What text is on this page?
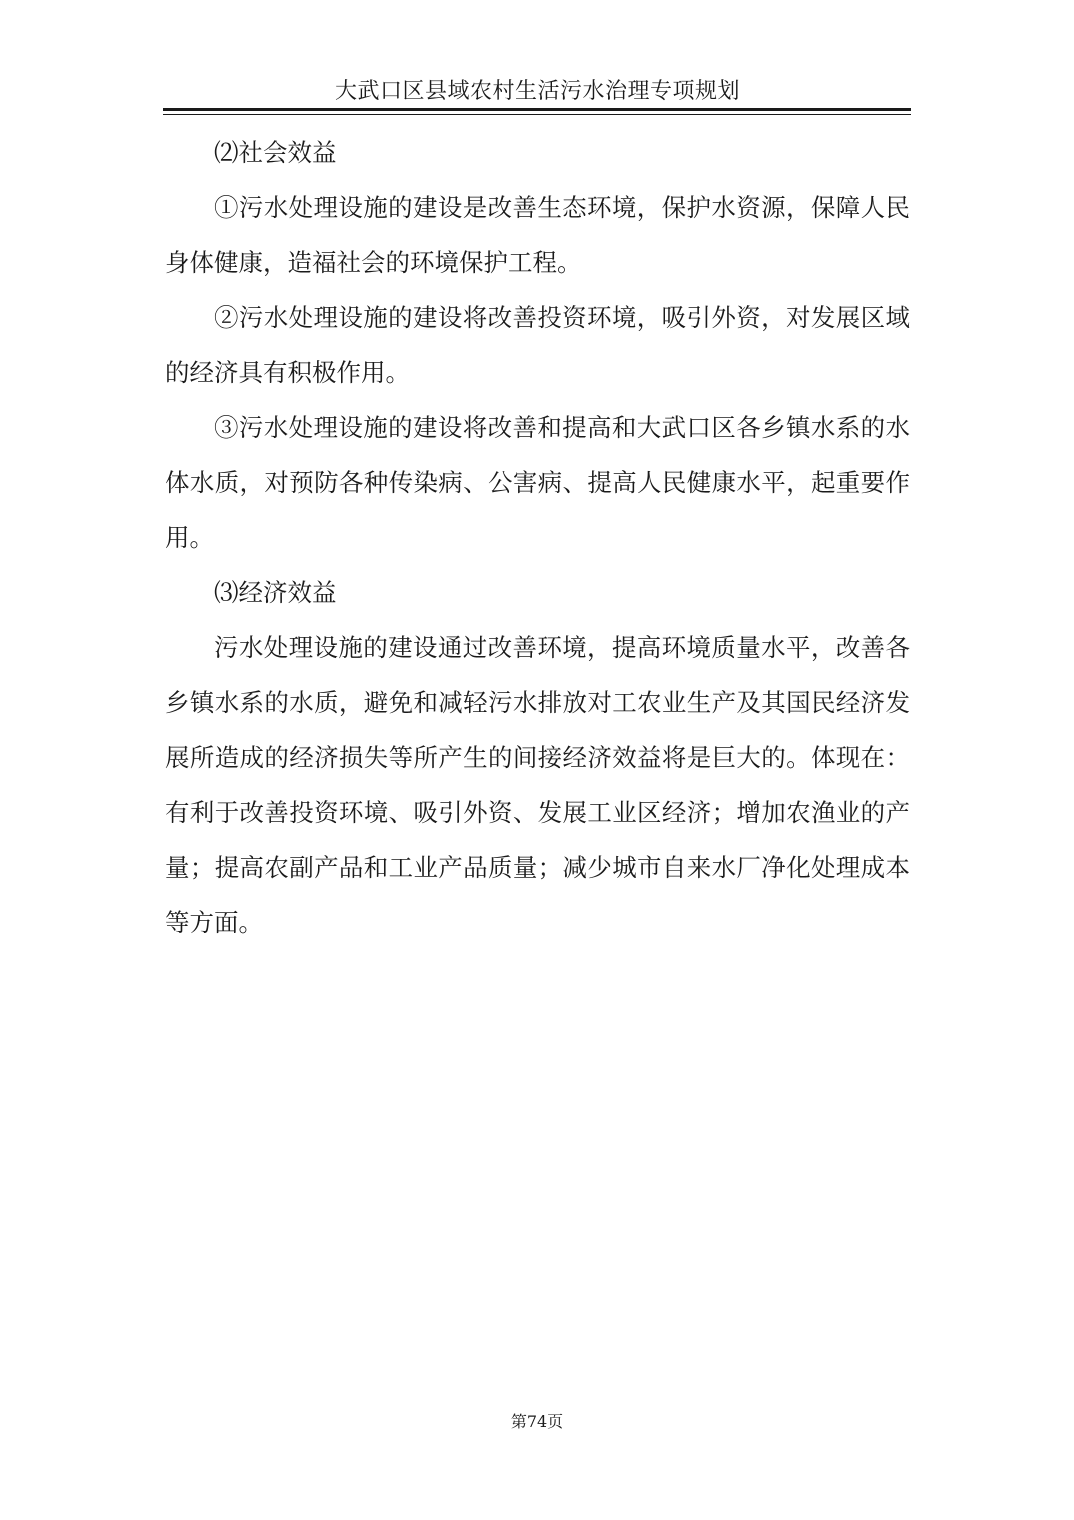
大武口区县域农村生活污水治理专项规划

⑵社会效益

①污水处理设施的建设是改善生态环境，保护水资源，保障人民身体健康，造福社会的环境保护工程。

②污水处理设施的建设将改善投资环境，吸引外资，对发展区域的经济具有积极作用。

③污水处理设施的建设将改善和提高和大武口区各乡镇水系的水体水质，对预防各种传染病、公害病、提高人民健康水平，起重要作用。

⑶经济效益

污水处理设施的建设通过改善环境，提高环境质量水平，改善各乡镇水系的水质，避免和减轻污水排放对工农业生产及其国民经济发展所造成的经济损失等所产生的间接经济效益将是巨大的。体现在：有利于改善投资环境、吸引外资、发展工业区经济；增加农渔业的产量；提高农副产品和工业产品质量；减少城市自来水厂净化处理成本等方面。

第74页
